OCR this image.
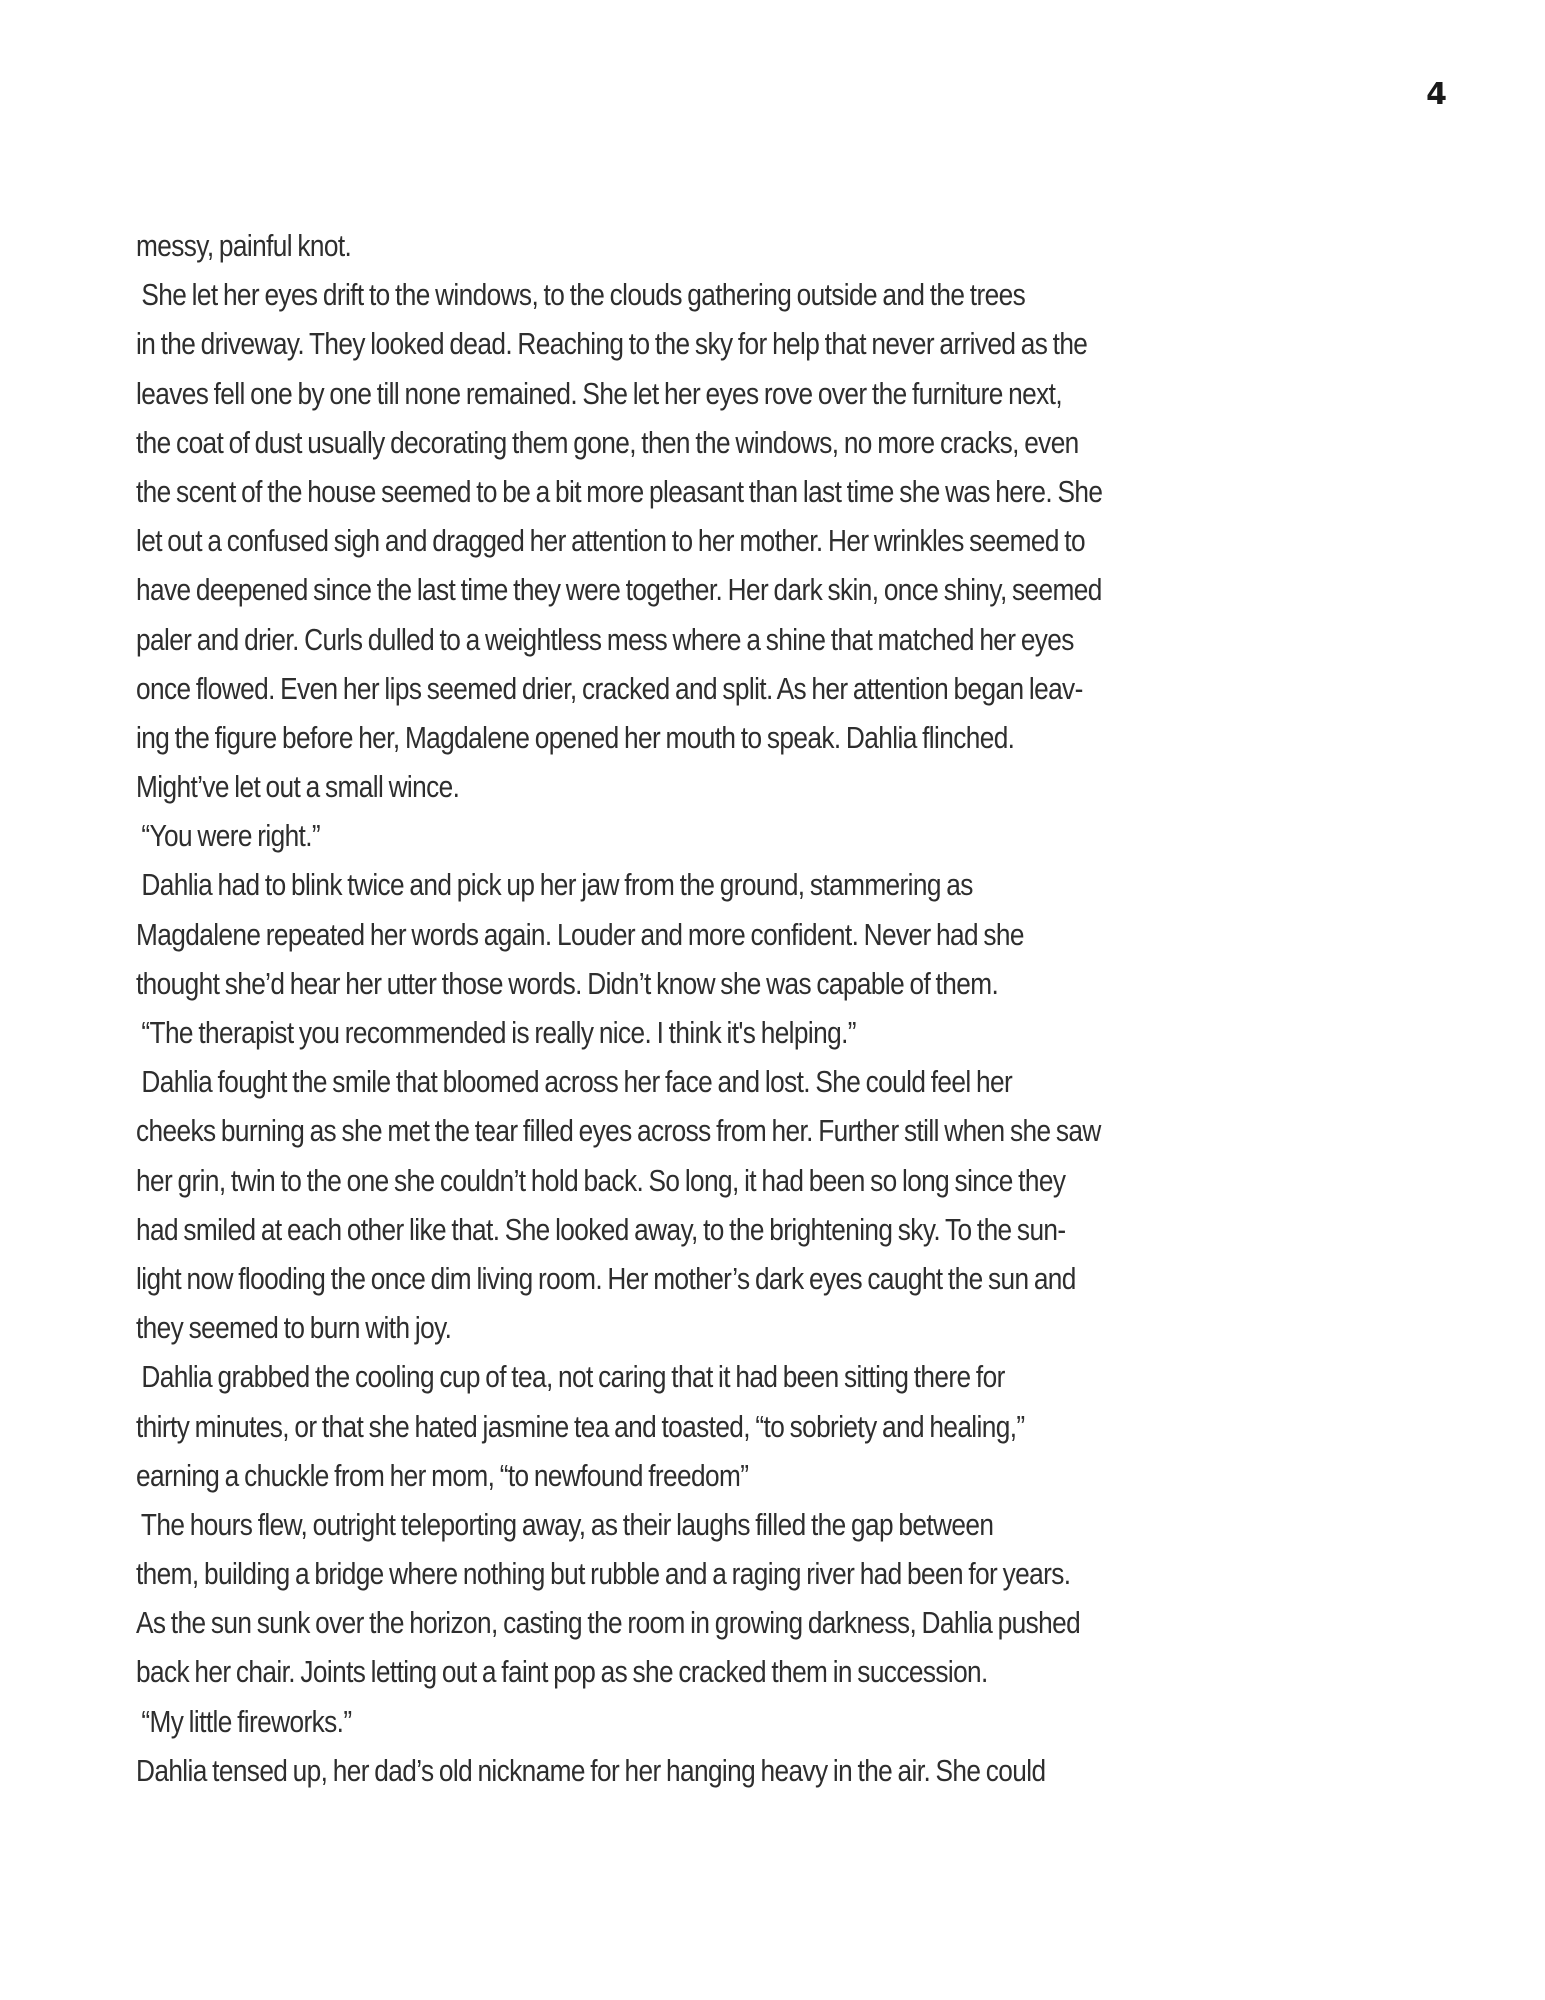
4
messy, painful knot.
She let her eyes drift to the windows, to the clouds gathering outside and the trees
in the driveway. They looked dead. Reaching to the sky for help that never arrived as the
leaves fell one by one till none remained. She let her eyes rove over the furniture next,
the coat of dust usually decorating them gone, then the windows, no more cracks, even
the scent of the house seemed to be a bit more pleasant than last time she was here. She
let out a confused sigh and dragged her attention to her mother. Her wrinkles seemed to
have deepened since the last time they were together. Her dark skin, once shiny, seemed
paler and drier. Curls dulled to a weightless mess where a shine that matched her eyes
once flowed. Even her lips seemed drier, cracked and split. As her attention began leav-
ing the figure before her, Magdalene opened her mouth to speak. Dahlia flinched.
Might’ve let out a small wince.
“You were right.”
Dahlia had to blink twice and pick up her jaw from the ground, stammering as
Magdalene repeated her words again. Louder and more confident. Never had she
thought she’d hear her utter those words. Didn’t know she was capable of them.
“The therapist you recommended is really nice. I think it's helping.”
Dahlia fought the smile that bloomed across her face and lost. She could feel her
cheeks burning as she met the tear filled eyes across from her. Further still when she saw
her grin, twin to the one she couldn’t hold back. So long, it had been so long since they
had smiled at each other like that. She looked away, to the brightening sky. To the sun-
light now flooding the once dim living room. Her mother’s dark eyes caught the sun and
they seemed to burn with joy.
Dahlia grabbed the cooling cup of tea, not caring that it had been sitting there for
thirty minutes, or that she hated jasmine tea and toasted, “to sobriety and healing,”
earning a chuckle from her mom, “to newfound freedom”
The hours flew, outright teleporting away, as their laughs filled the gap between
them, building a bridge where nothing but rubble and a raging river had been for years.
As the sun sunk over the horizon, casting the room in growing darkness, Dahlia pushed
back her chair. Joints letting out a faint pop as she cracked them in succession.
“My little fireworks.”
Dahlia tensed up, her dad’s old nickname for her hanging heavy in the air. She could
